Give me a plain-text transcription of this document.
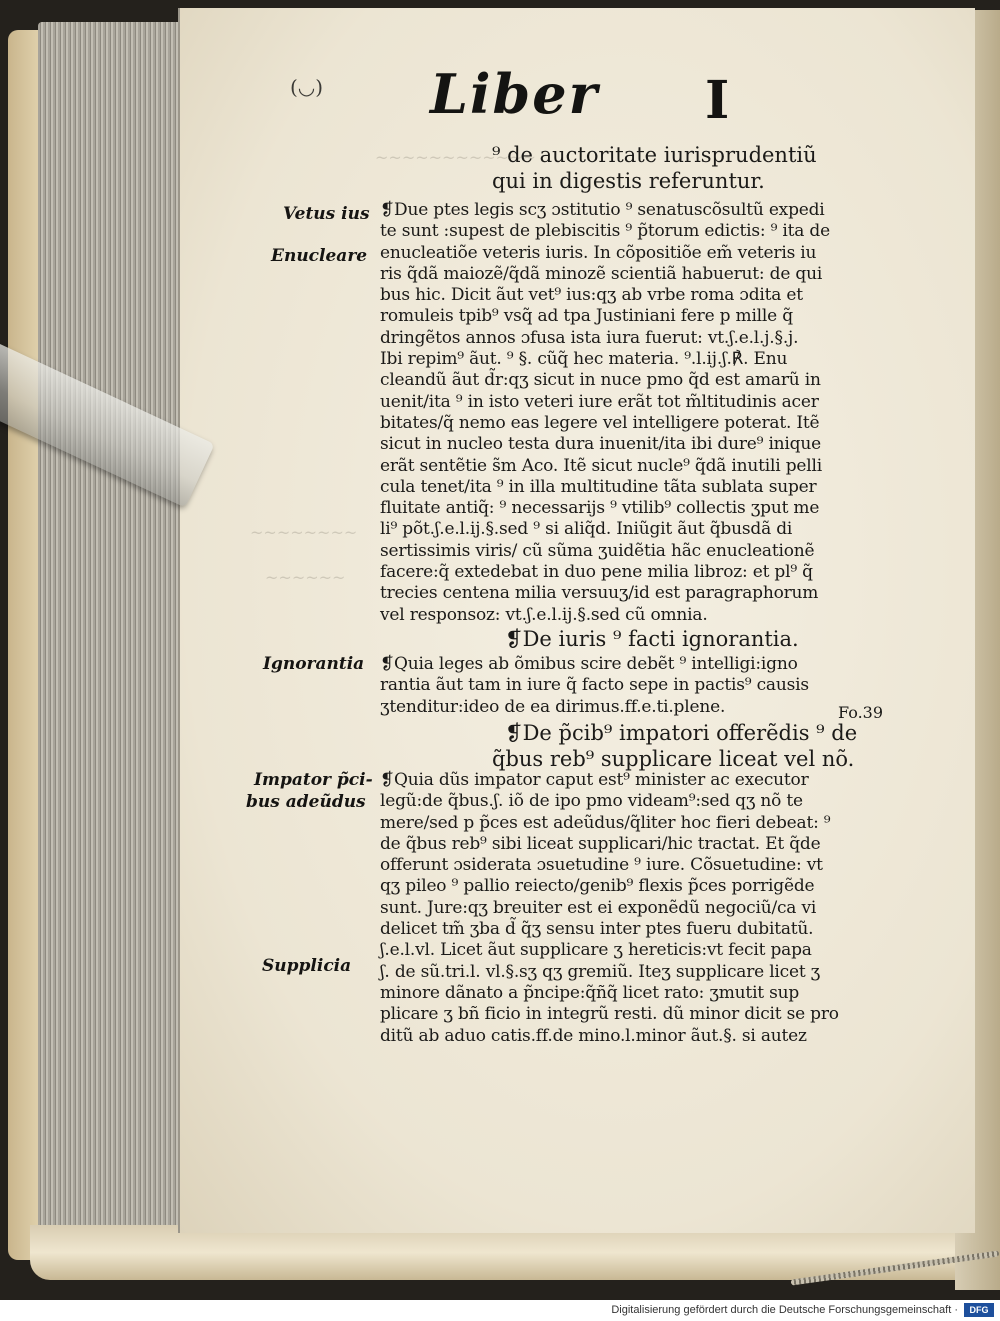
~~~~~~~~~~~~
~~~~~~~~
~~~~~~
(◡) Liber I
⁹ de auctoritate iurisprudentiũ
qui in digestis referuntur.
Vetus ius
Enucleare
Ignorantia
Impator p̃ci-
bus adeũdus
Supplicia
❡Due ptes legis scʒ ɔstitutio ⁹ senatuscõsultũ expedi
te sunt :supest de plebiscitis ⁹ p̃torum edictis: ⁹ ita de
enucleatiõe veteris iuris. In cõpositiõe em̃ veteris iu
ris q̃dã maiozẽ/q̃dã minozẽ scientiã habuerut: de qui
bus hic. Dicit ãut vet⁹ ius:qʒ ab vrbe roma ɔdita et
romuleis tpib⁹ vsq̃ ad tpa Justiniani fere p mille q̃
dringẽtos annos ɔfusa ista iura fuerut: vt.ʃ.e.l.j.§.j.
Ibi repim⁹ ãut. ⁹ §. cũq̃ hec materia. ⁹.l.ij.ʃ.℟. Enu
cleandũ ãut d̃r:qʒ sicut in nuce pmo q̃d est amarũ in
uenit/ita ⁹ in isto veteri iure erãt tot m̃ltitudinis acer
bitates/q̃ nemo eas legere vel intelligere poterat. Itẽ
sicut in nucleo testa dura inuenit/ita ibi dure⁹ inique
erãt sentẽtie s̃m Aco. Itẽ sicut nucle⁹ q̃dã inutili pelli
cula tenet/ita ⁹ in illa multitudine tãta sublata super
fluitate antiq̃: ⁹ necessarijs ⁹ vtilib⁹ collectis ʒput me
li⁹ põt.ʃ.e.l.ij.§.sed ⁹ si aliq̃d. Iniũgit ãut q̃busdã di
sertissimis viris/ cũ sũma ʒuidẽtia hãc enucleationẽ
facere:q̃ extedebat in duo pene milia libroz: et pl⁹ q̃
trecies centena milia versuuʒ/id est paragraphorum
vel responsoz: vt.ʃ.e.l.ij.§.sed cũ omnia.
❡De iuris ⁹ facti ignorantia.
❡Quia leges ab õmibus scire debẽt ⁹ intelligi:igno
rantia ãut tam in iure q̃ facto sepe in pactis⁹ causis
ʒtenditur:ideo de ea dirimus.ff.e.ti.plene.	Fo.39
❡De p̃cib⁹ impatori offerẽdis ⁹ de
q̃bus reb⁹ supplicare liceat vel nõ.
❡Quia dũs impator caput est⁹ minister ac executor
legũ:de q̃bus.ʃ. iõ de ipo pmo videam⁹:sed qʒ nõ te
mere/sed p p̃ces est adeũdus/q̃liter hoc fieri debeat: ⁹
de q̃bus reb⁹ sibi liceat supplicari/hic tractat. Et q̃de
offerunt ɔsiderata ɔsuetudine ⁹ iure. Cõsuetudine: vt
qʒ pileo ⁹ pallio reiecto/genib⁹ flexis p̃ces porrigẽde
sunt. Jure:qʒ breuiter est ei exponẽdũ negociũ/ca vi
delicet tm̃ ʒba d̃ q̃ʒ sensu inter ptes fueru dubitatũ.
ʃ.e.l.vl. Licet ãut supplicare ʒ hereticis:vt fecit papa
ʃ. de sũ.tri.l. vl.§.sʒ qʒ gremiũ. Iteʒ supplicare licet ʒ
minore dãnato a p̃ncipe:q̃ñq̃ licet rato: ʒmutit sup
plicare ʒ bñ ficio in integrũ resti. dũ minor dicit se pro
ditũ ab aduo catis.ff.de mino.l.minor ãut.§. si autez
Digitalisierung gefördert durch die Deutsche Forschungsgemeinschaft ·	DFG
